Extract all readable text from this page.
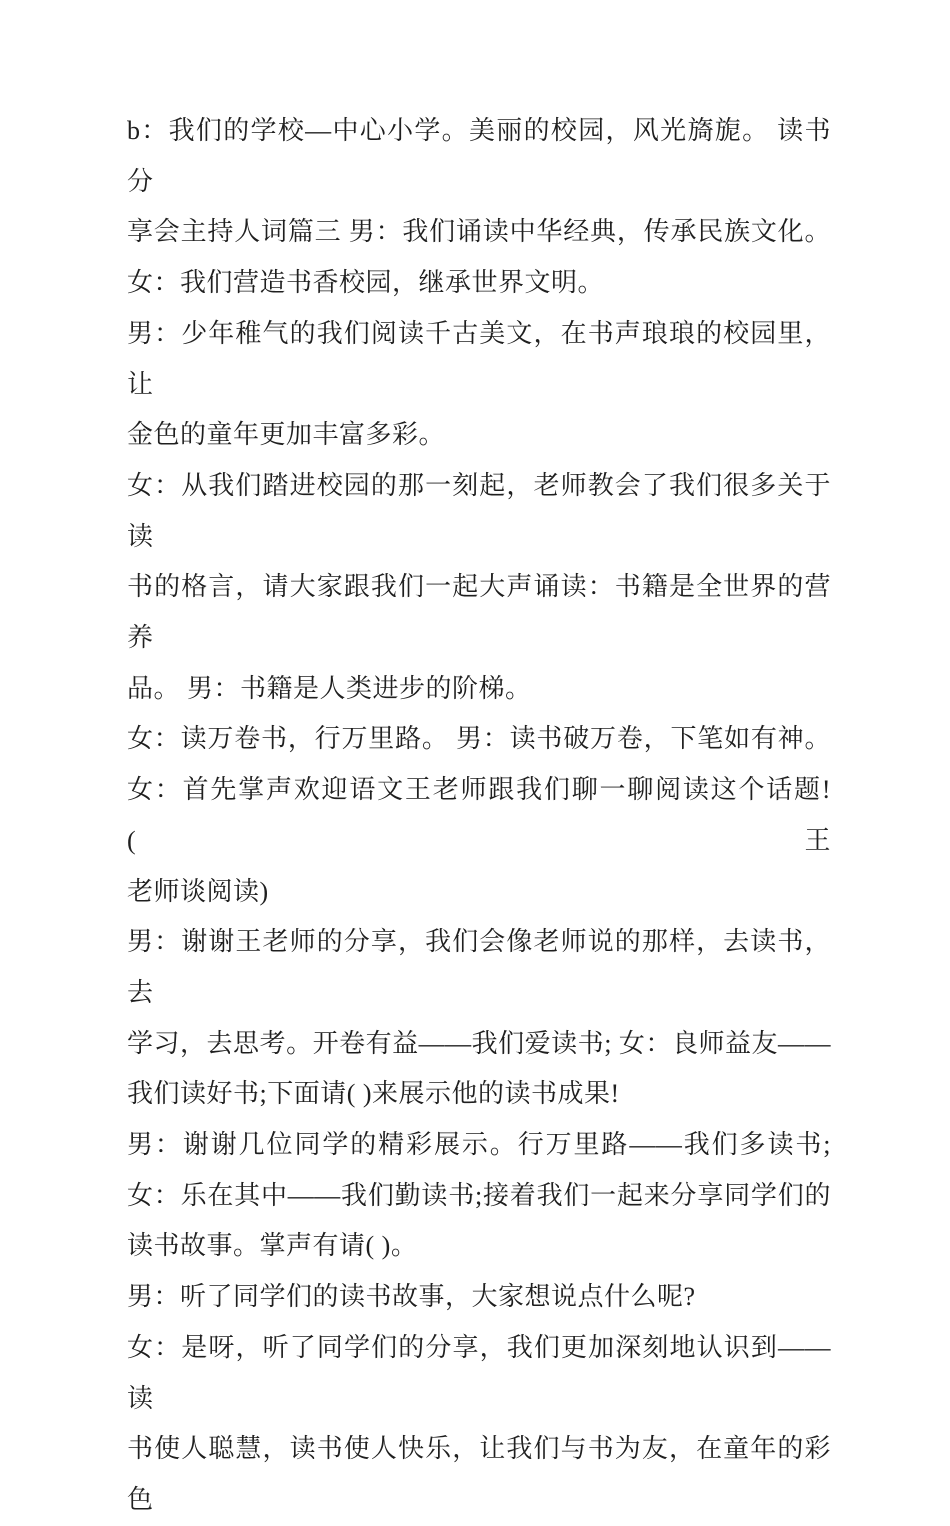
b：我们的学校—中心小学。美丽的校园，风光旖旎。 读书分
享会主持人词篇三 男：我们诵读中华经典，传承民族文化。
女：我们营造书香校园，继承世界文明。
男：少年稚气的我们阅读千古美文，在书声琅琅的校园里，让
金色的童年更加丰富多彩。
女：从我们踏进校园的那一刻起，老师教会了我们很多关于读
书的格言，请大家跟我们一起大声诵读：书籍是全世界的营养
品。 男：书籍是人类进步的阶梯。
女：读万卷书，行万里路。 男：读书破万卷，下笔如有神。
女：首先掌声欢迎语文王老师跟我们聊一聊阅读这个话题! (王
老师谈阅读)
男：谢谢王老师的分享，我们会像老师说的那样，去读书，去
学习，去思考。开卷有益——我们爱读书; 女：良师益友——
我们读好书;下面请( )来展示他的读书成果!
男：谢谢几位同学的精彩展示。行万里路——我们多读书;
女：乐在其中——我们勤读书;接着我们一起来分享同学们的
读书故事。掌声有请( )。
男：听了同学们的读书故事，大家想说点什么呢?
女：是呀，听了同学们的分享，我们更加深刻地认识到——读
书使人聪慧，读书使人快乐，让我们与书为友，在童年的彩色
